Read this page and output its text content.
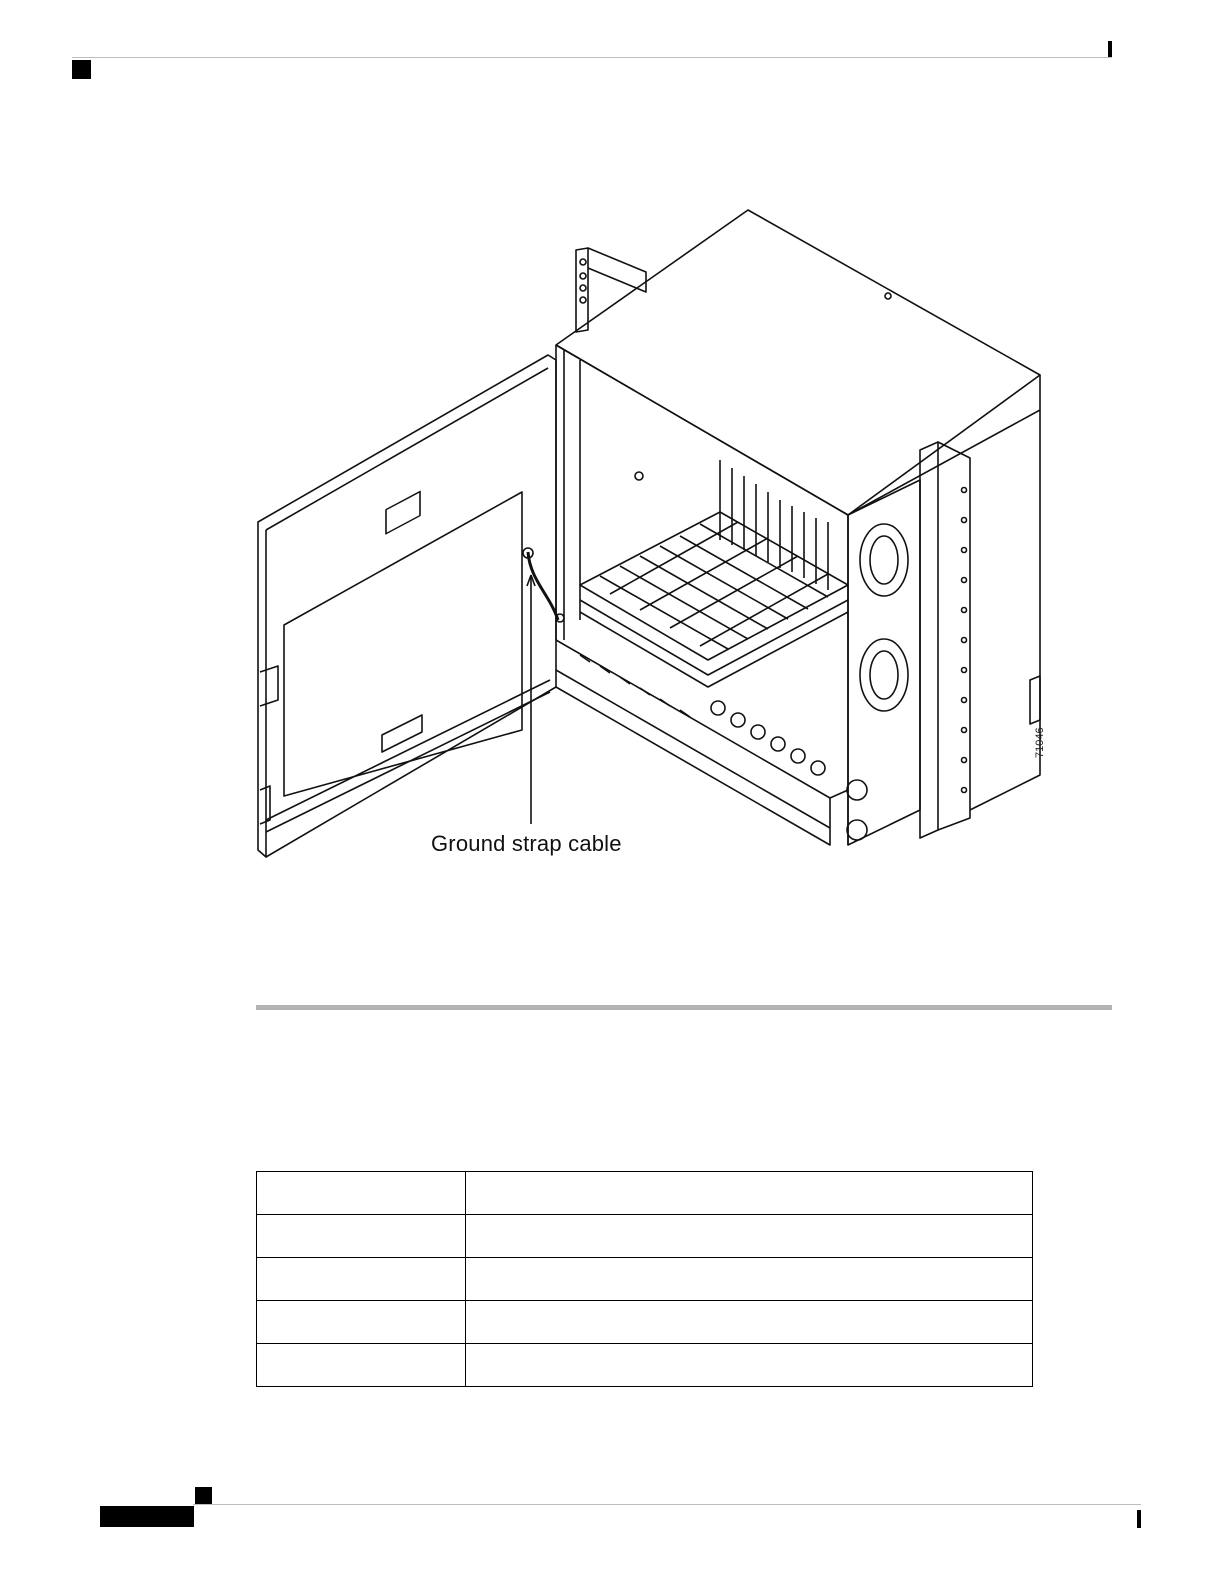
Ground strap cable
71046
